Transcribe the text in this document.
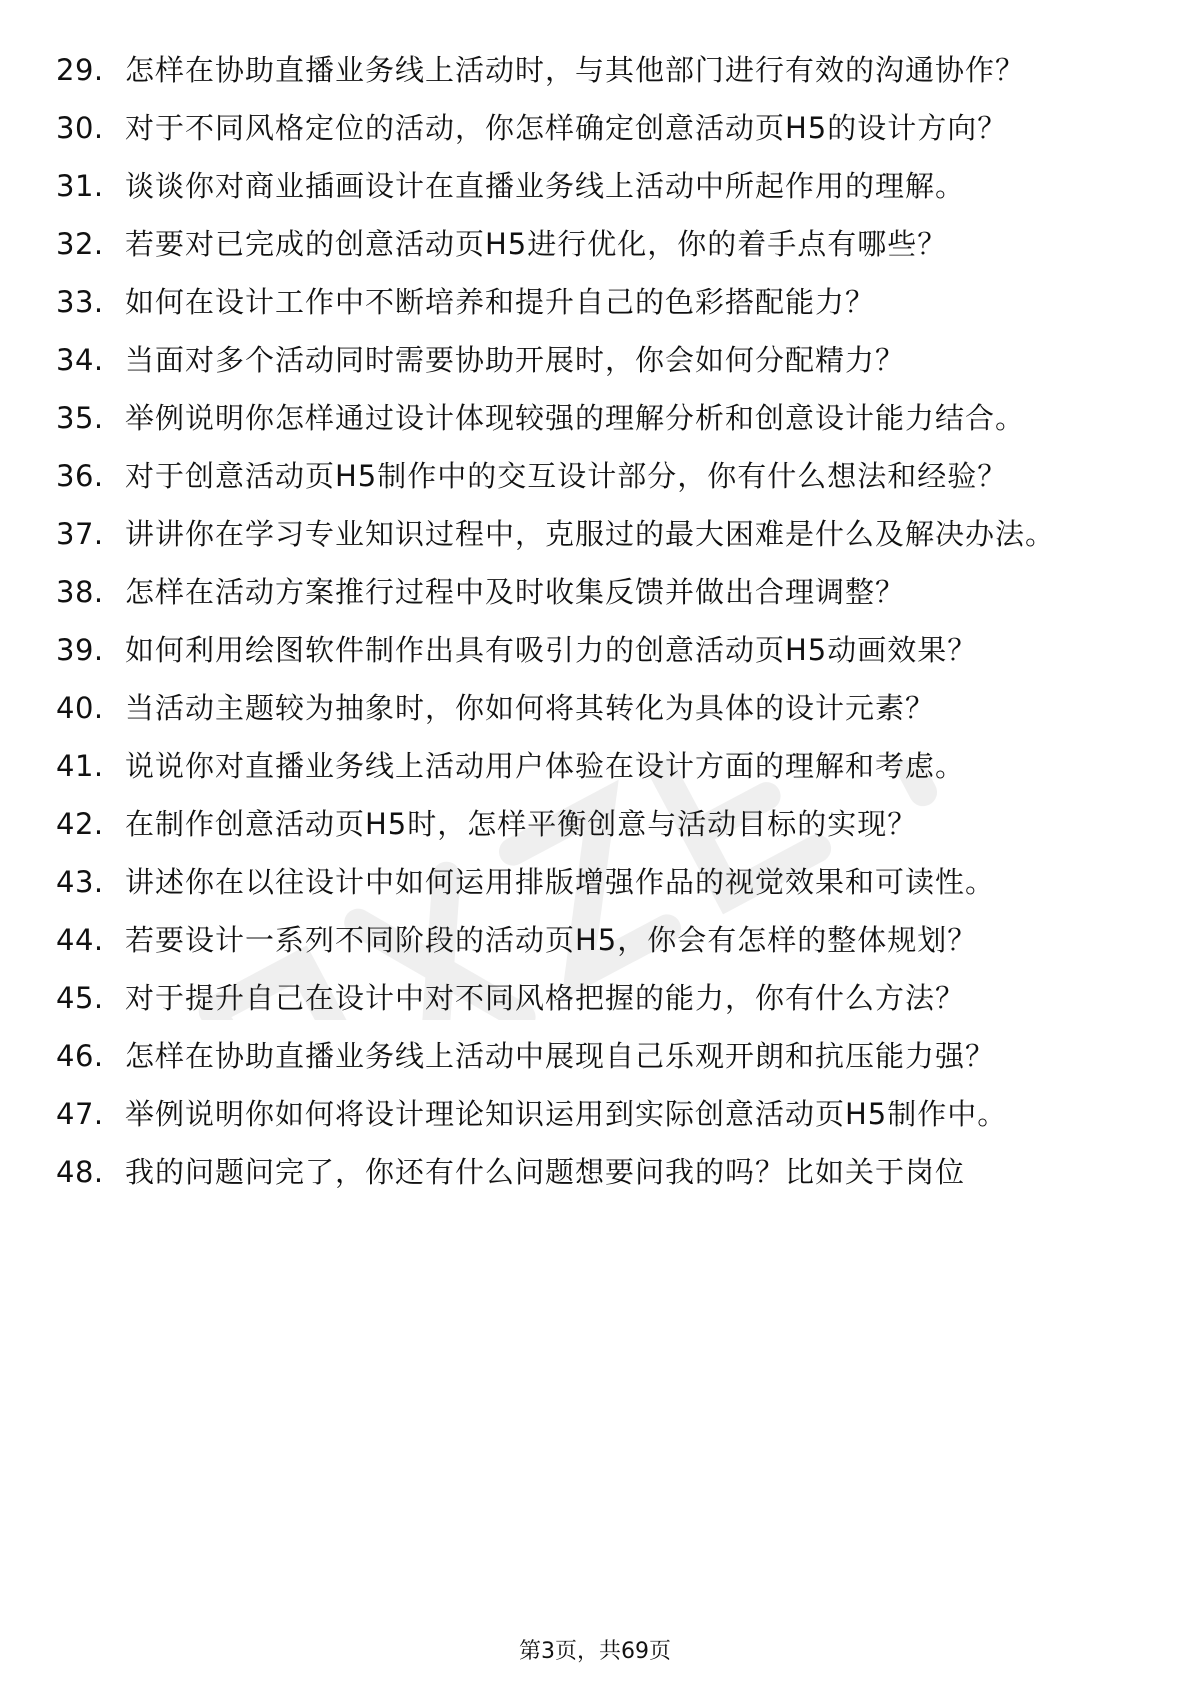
29. 怎样在协助直播业务线上活动时，与其他部门进行有效的沟通协作？
30. 对于不同风格定位的活动，你怎样确定创意活动页H5的设计方向？
31. 谈谈你对商业插画设计在直播业务线上活动中所起作用的理解。
32. 若要对已完成的创意活动页H5进行优化，你的着手点有哪些？
33. 如何在设计工作中不断培养和提升自己的色彩搭配能力？
34. 当面对多个活动同时需要协助开展时，你会如何分配精力？
35. 举例说明你怎样通过设计体现较强的理解分析和创意设计能力结合。
36. 对于创意活动页H5制作中的交互设计部分，你有什么想法和经验？
37. 讲讲你在学习专业知识过程中，克服过的最大困难是什么及解决办法。
38. 怎样在活动方案推行过程中及时收集反馈并做出合理调整？
39. 如何利用绘图软件制作出具有吸引力的创意活动页H5动画效果？
40. 当活动主题较为抽象时，你如何将其转化为具体的设计元素？
41. 说说你对直播业务线上活动用户体验在设计方面的理解和考虑。
42. 在制作创意活动页H5时，怎样平衡创意与活动目标的实现？
43. 讲述你在以往设计中如何运用排版增强作品的视觉效果和可读性。
44. 若要设计一系列不同阶段的活动页H5，你会有怎样的整体规划？
45. 对于提升自己在设计中对不同风格把握的能力，你有什么方法？
46. 怎样在协助直播业务线上活动中展现自己乐观开朗和抗压能力强？
47. 举例说明你如何将设计理论知识运用到实际创意活动页H5制作中。
48. 我的问题问完了，你还有什么问题想要问我的吗？比如关于岗位
第3页，共69页
